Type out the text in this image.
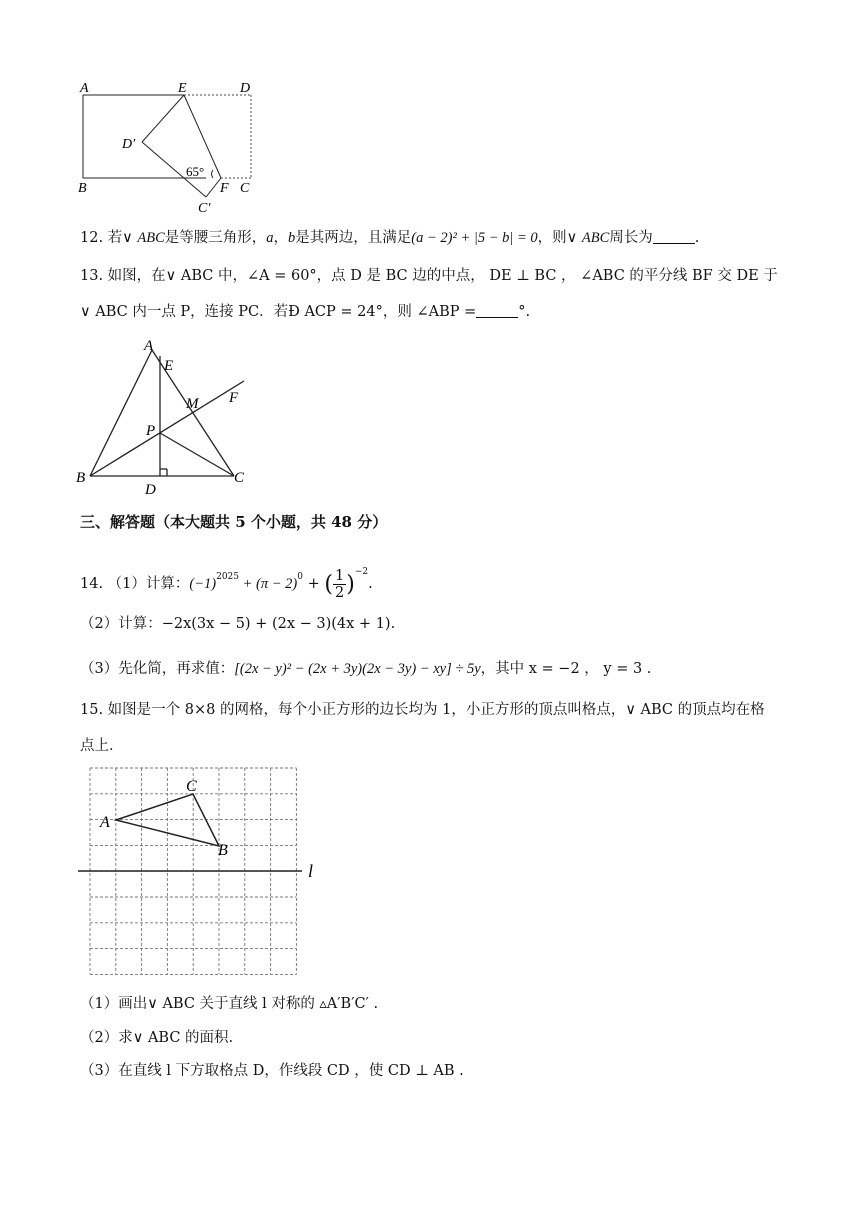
A	E	D
D′
65°
B	F C
C′
12. 若∨ ABC是等腰三角形，a，b是其两边，且满足(a − 2)² + |5 − b| = 0，则∨ ABC周长为	.
13. 如图，在∨ ABC 中，∠A = 60°，点 D 是 BC 边的中点， DE ⊥ BC ， ∠ABC 的平分线 BF 交 DE 于
∨ ABC 内一点 P，连接 PC．若Ð ACP = 24°，则 ∠ABP =	°.
A
E
M F
P
B
D
C
三、解答题（本大题共 5 个小题，共 48 分）
14. （1）计算：$(-1)^{2025} + (\pi - 2)^0$ + ( $\frac{1}{2} )^{-2}$.
（2）计算：−2x(3x − 5) + (2x − 3)(4x + 1).
（3）先化简，再求值：[(2x − y)² − (2x + 3y)(2x − 3y) − xy] ÷ 5y，其中 x = −2 ， y = 3 .
15. 如图是一个 8×8 的网格，每个小正方形的边长均为 1，小正方形的顶点叫格点，∨ ABC 的顶点均在格
点上．
A
C
B
l
（1）画出∨ ABC 关于直线 l 对称的 ▵A′B′C′ .
（2）求∨ ABC 的面积.
（3）在直线 l 下方取格点 D，作线段 CD ，使 CD ⊥ AB .
